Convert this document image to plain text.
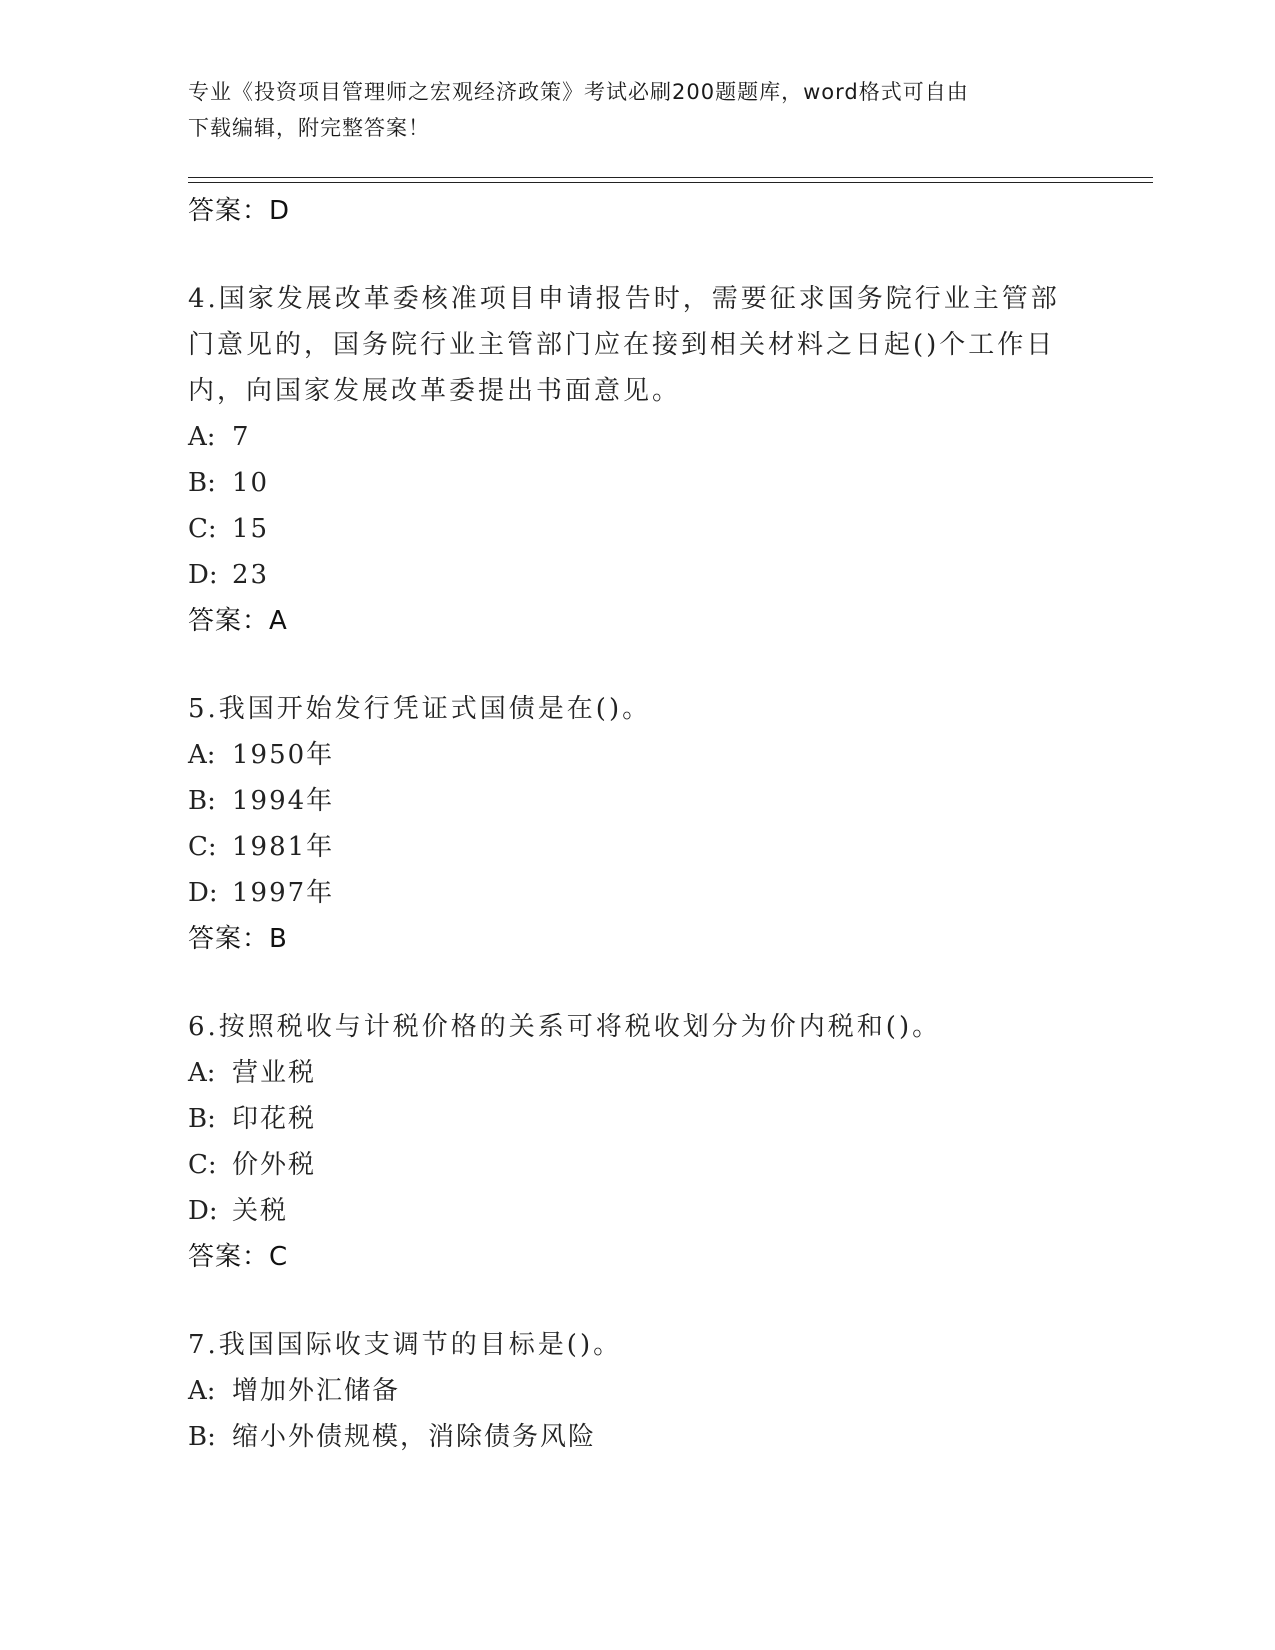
专业《投资项目管理师之宏观经济政策》考试必刷200题题库，word格式可自由
下载编辑，附完整答案！
答案：D
4.国家发展改革委核准项目申请报告时，需要征求国务院行业主管部门意见的，国务院行业主管部门应在接到相关材料之日起()个工作日内，向国家发展改革委提出书面意见。
A: 7
B: 10
C: 15
D: 23
答案：A
5.我国开始发行凭证式国债是在()。
A: 1950年
B: 1994年
C: 1981年
D: 1997年
答案：B
6.按照税收与计税价格的关系可将税收划分为价内税和()。
A: 营业税
B: 印花税
C: 价外税
D: 关税
答案：C
7.我国国际收支调节的目标是()。
A: 增加外汇储备
B: 缩小外债规模，消除债务风险
